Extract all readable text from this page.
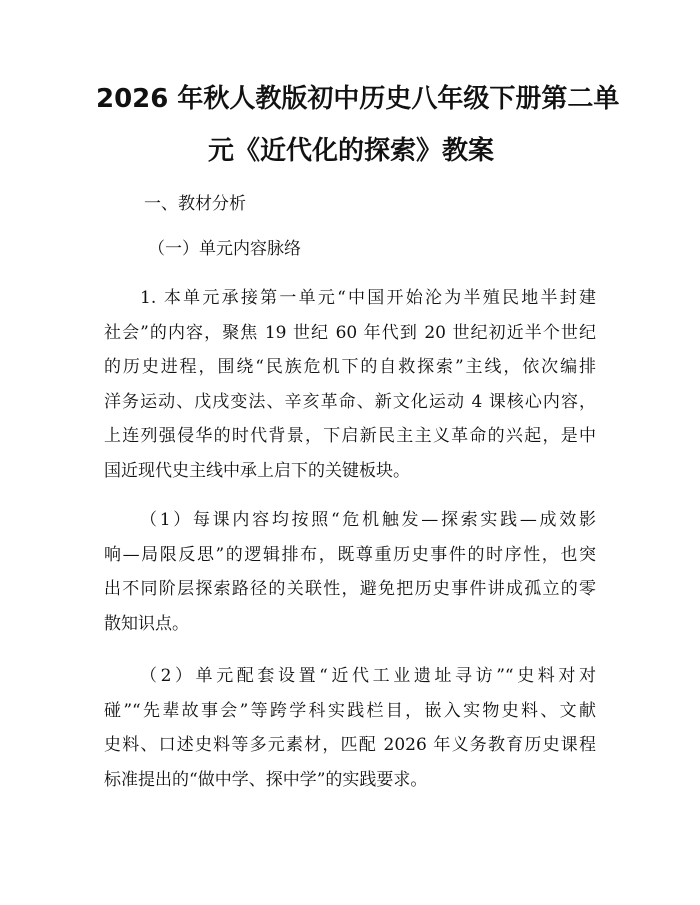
2026 年秋人教版初中历史八年级下册第二单
元《近代化的探索》教案
一、教材分析
（一）单元内容脉络
1. 本单元承接第一单元“中国开始沦为半殖民地半封建
社会”的内容，聚焦 19 世纪 60 年代到 20 世纪初近半个世纪
的历史进程，围绕“民族危机下的自救探索”主线，依次编排
洋务运动、戊戌变法、辛亥革命、新文化运动 4 课核心内容，
上连列强侵华的时代背景，下启新民主主义革命的兴起，是中
国近现代史主线中承上启下的关键板块。
（1）每课内容均按照“危机触发—探索实践—成效影
响—局限反思”的逻辑排布，既尊重历史事件的时序性，也突
出不同阶层探索路径的关联性，避免把历史事件讲成孤立的零
散知识点。
（2）单元配套设置“近代工业遗址寻访”“史料对对
碰”“先辈故事会”等跨学科实践栏目，嵌入实物史料、文献
史料、口述史料等多元素材，匹配 2026 年义务教育历史课程
标准提出的“做中学、探中学”的实践要求。
